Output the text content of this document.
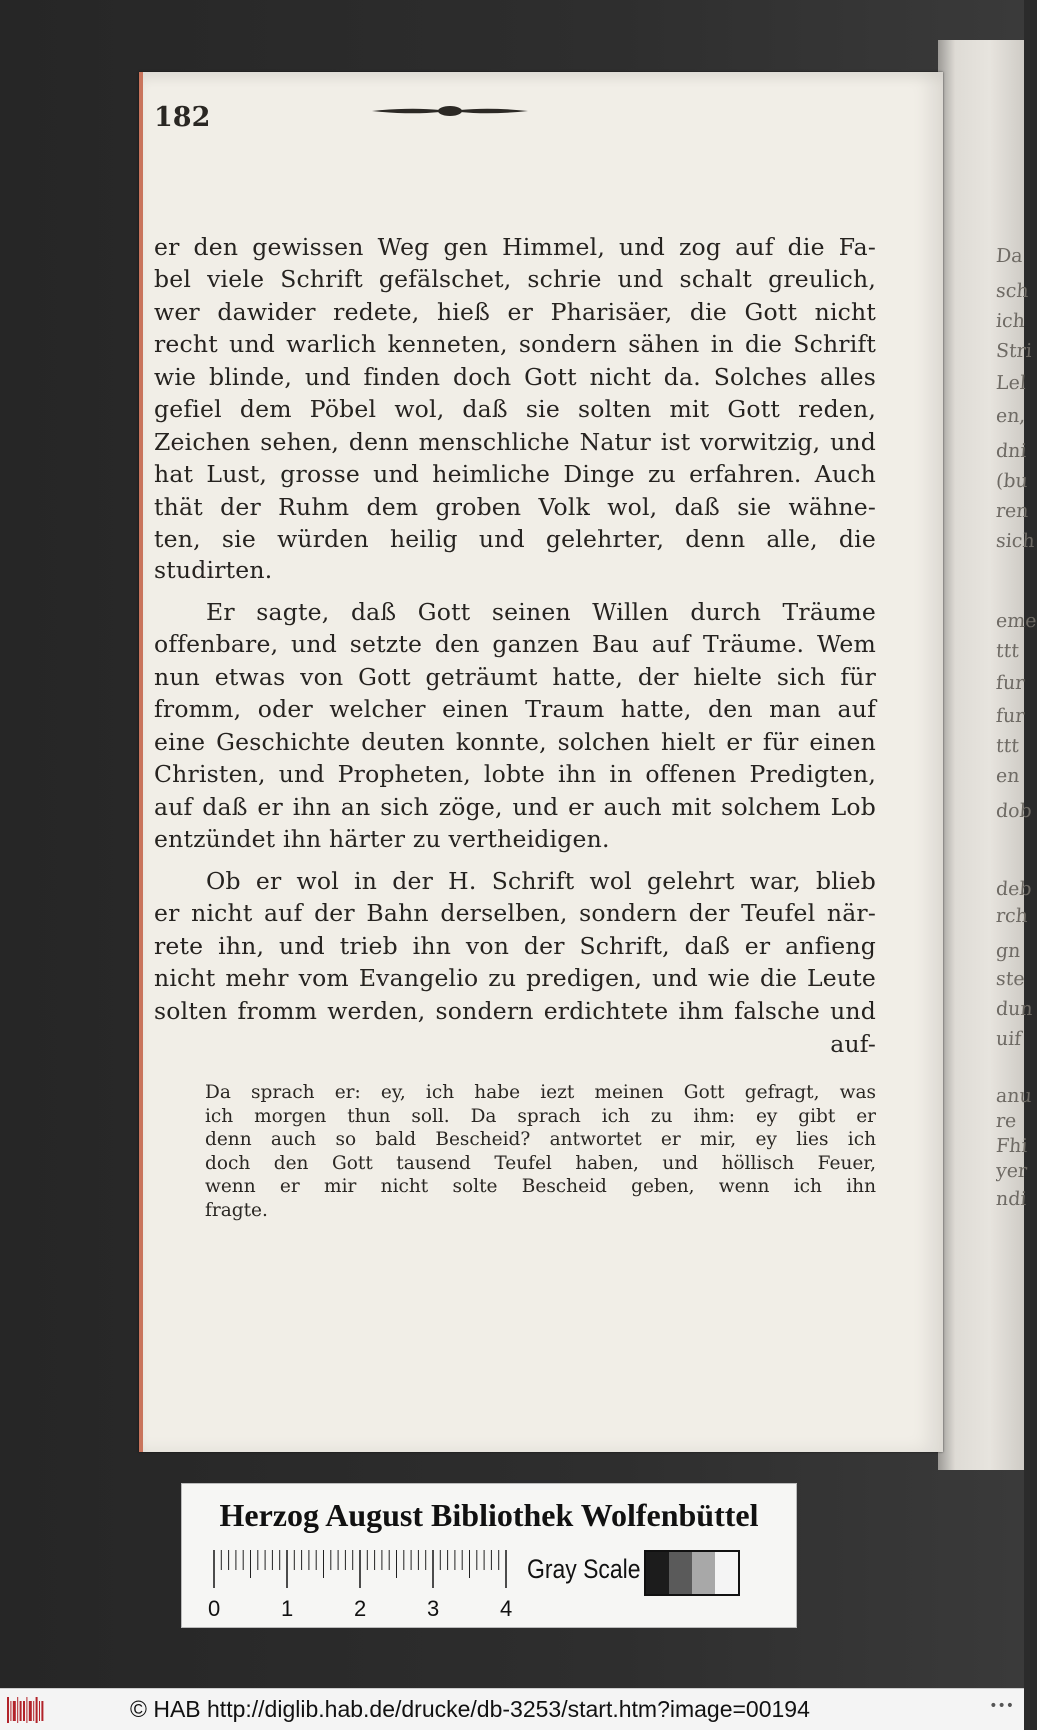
Da
sch
ich
Stri
Lel
en,
dni
(bu
ren
sich
eme
ttt
fur
fur
ttt
en
dob
deb
rch
gn
ste
dun
uif
anu
re
Fhi
yer
ndi
182
er den gewissen Weg gen Himmel, und zog auf die Fa-
bel viele Schrift gefälschet, schrie und schalt greulich,
wer dawider redete, hieß er Pharisäer, die Gott nicht
recht und warlich kenneten, sondern sähen in die Schrift
wie blinde, und finden doch Gott nicht da. Solches alles
gefiel dem Pöbel wol, daß sie solten mit Gott reden,
Zeichen sehen, denn menschliche Natur ist vorwitzig, und
hat Lust, grosse und heimliche Dinge zu erfahren. Auch
thät der Ruhm dem groben Volk wol, daß sie wähne-
ten, sie würden heilig und gelehrter, denn alle, die
studirten.
Er sagte, daß Gott seinen Willen durch Träume
offenbare, und setzte den ganzen Bau auf Träume. Wem
nun etwas von Gott geträumt hatte, der hielte sich für
fromm, oder welcher einen Traum hatte, den man auf
eine Geschichte deuten konnte, solchen hielt er für einen
Christen, und Propheten, lobte ihn in offenen Predigten,
auf daß er ihn an sich zöge, und er auch mit solchem Lob
entzündet ihn härter zu vertheidigen.
Ob er wol in der H. Schrift wol gelehrt war, blieb
er nicht auf der Bahn derselben, sondern der Teufel när-
rete ihn, und trieb ihn von der Schrift, daß er anfieng
nicht mehr vom Evangelio zu predigen, und wie die Leute
solten fromm werden, sondern erdichtete ihm falsche und
auf-
Da sprach er: ey, ich habe iezt meinen Gott gefragt, was
ich morgen thun soll. Da sprach ich zu ihm: ey gibt er
denn auch so bald Bescheid? antwortet er mir, ey lies ich
doch den Gott tausend Teufel haben, und höllisch Feuer,
wenn er mir nicht solte Bescheid geben, wenn ich ihn
fragte.
Herzog August Bibliothek Wolfenbüttel
0	1	2	3	4
Gray Scale
© HAB http://diglib.hab.de/drucke/db-3253/start.htm?image=00194	•••
